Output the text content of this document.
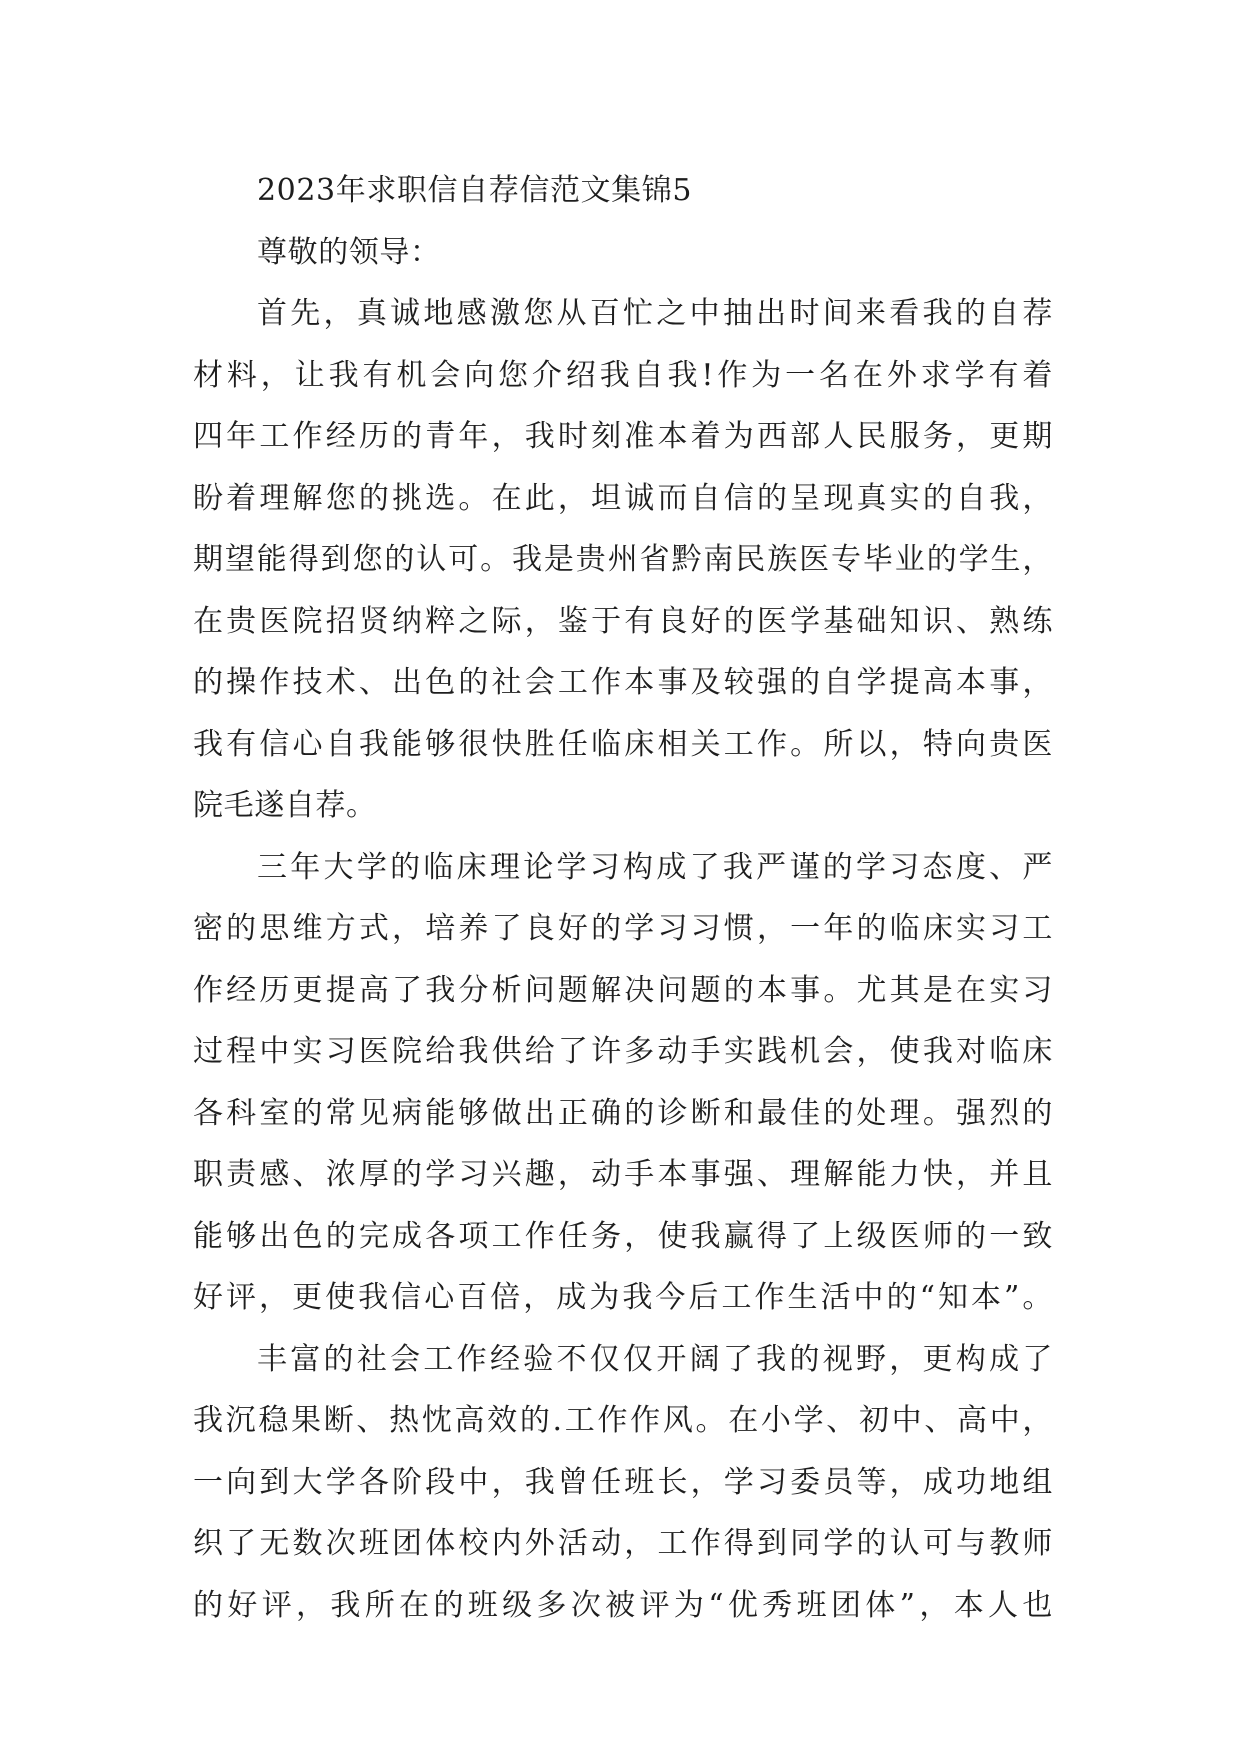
2023年求职信自荐信范文集锦5
尊敬的领导：
首先，真诚地感激您从百忙之中抽出时间来看我的自荐
材料，让我有机会向您介绍我自我!作为一名在外求学有着
四年工作经历的青年，我时刻准本着为西部人民服务，更期
盼着理解您的挑选。在此，坦诚而自信的呈现真实的自我，
期望能得到您的认可。我是贵州省黔南民族医专毕业的学生，
在贵医院招贤纳粹之际，鉴于有良好的医学基础知识、熟练
的操作技术、出色的社会工作本事及较强的自学提高本事，
我有信心自我能够很快胜任临床相关工作。所以，特向贵医
院毛遂自荐。
三年大学的临床理论学习构成了我严谨的学习态度、严
密的思维方式，培养了良好的学习习惯，一年的临床实习工
作经历更提高了我分析问题解决问题的本事。尤其是在实习
过程中实习医院给我供给了许多动手实践机会，使我对临床
各科室的常见病能够做出正确的诊断和最佳的处理。强烈的
职责感、浓厚的学习兴趣，动手本事强、理解能力快，并且
能够出色的完成各项工作任务，使我赢得了上级医师的一致
好评，更使我信心百倍，成为我今后工作生活中的“知本”。
丰富的社会工作经验不仅仅开阔了我的视野，更构成了
我沉稳果断、热忱高效的.工作作风。在小学、初中、高中，
一向到大学各阶段中，我曾任班长，学习委员等，成功地组
织了无数次班团体校内外活动，工作得到同学的认可与教师
的好评，我所在的班级多次被评为“优秀班团体”，本人也
